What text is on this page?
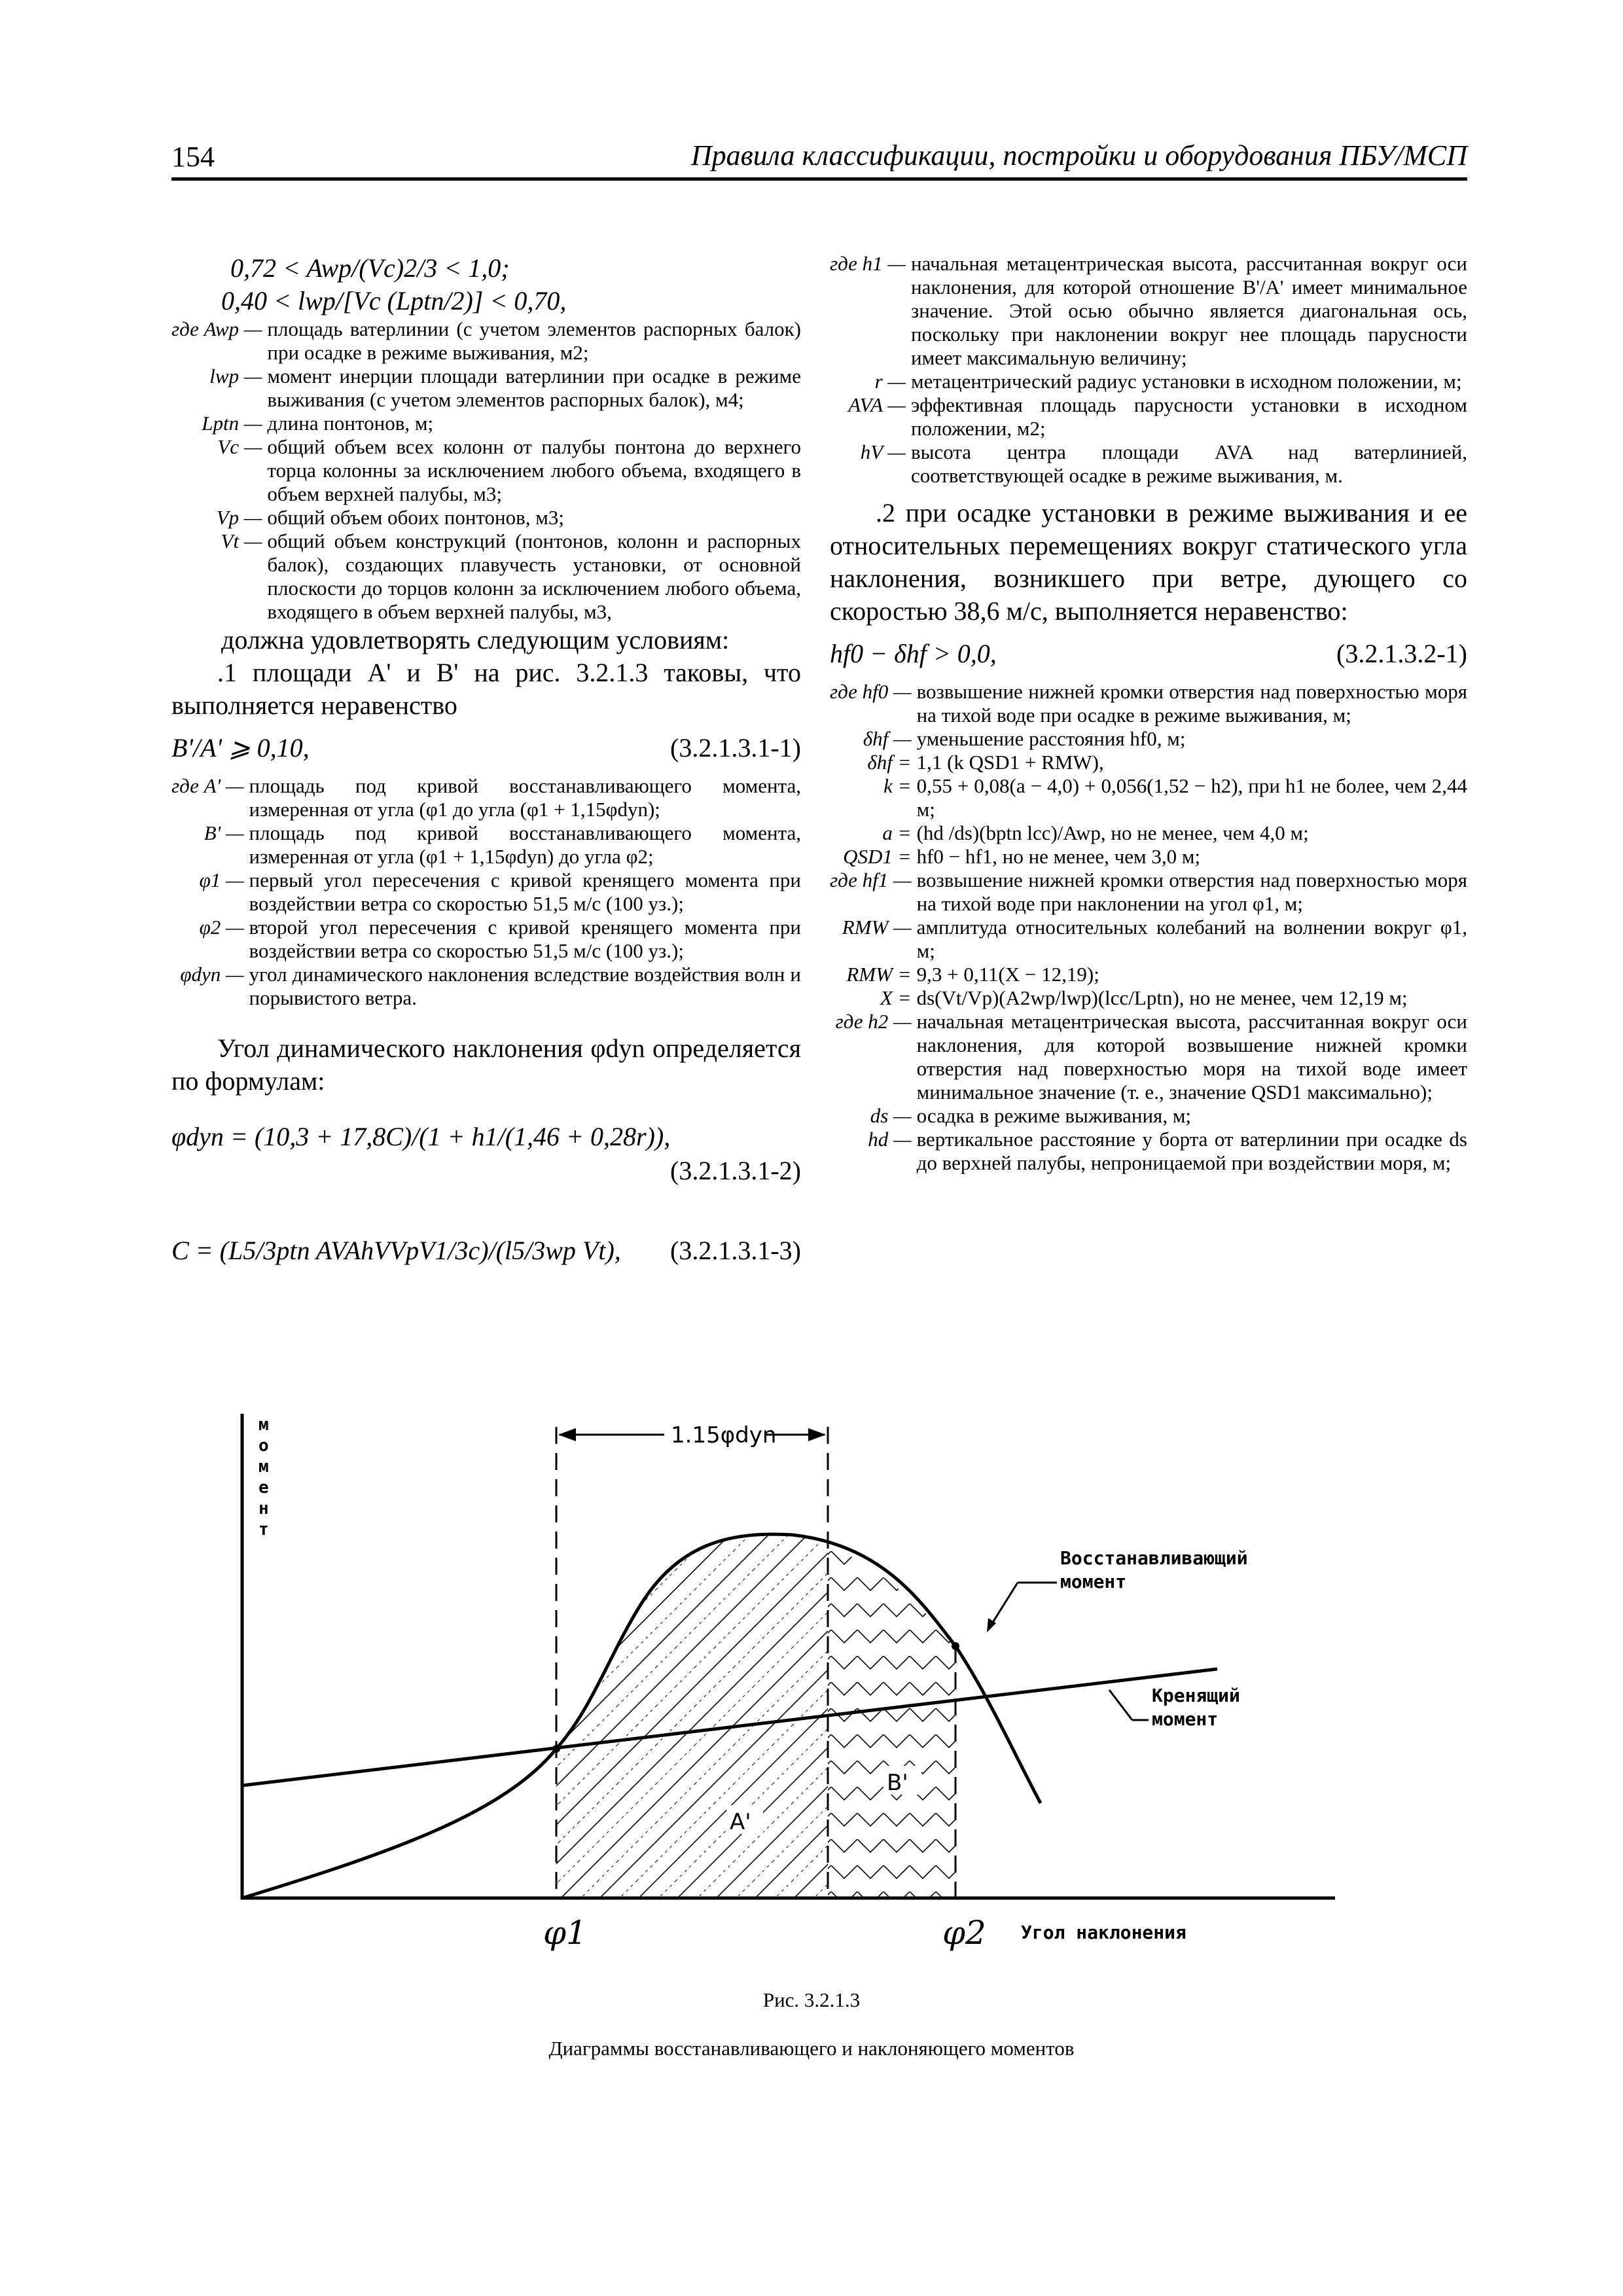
154	Правила классификации, постройки и оборудования ПБУ/МСП
0,72 < Awp/(Vc)2/3 < 1,0;
0,40 < lwp/[Vc (Lptn/2)] < 0,70,
где Awp —	площадь ватерлинии (с учетом элементов распорных балок) при осадке в режиме выживания, м2;
lwp —	момент инерции площади ватерлинии при осадке в режиме выживания (с учетом элементов распорных балок), м4;
Lptn —	длина понтонов, м;
Vc —	общий объем всех колонн от палубы понтона до верхнего торца колонны за исключением любого объема, входящего в объем верхней палубы, м3;
Vp —	общий объем обоих понтонов, м3;
Vt —	общий объем конструкций (понтонов, колонн и распорных балок), создающих плавучесть установки, от основной плоскости до торцов колонн за исключением любого объема, входящего в объем верхней палубы, м3,
должна удовлетворять следующим условиям:
.1 площади A' и B' на рис. 3.2.1.3 таковы, что выполняется неравенство
B'/A' ⩾ 0,10,	(3.2.1.3.1-1)
где A' —	площадь под кривой восстанавливающего момента, измеренная от угла (φ1 до угла (φ1 + 1,15φdyn);
B' —	площадь под кривой восстанавливающего момента, измеренная от угла (φ1 + 1,15φdyn) до угла φ2;
φ1 —	первый угол пересечения с кривой кренящего момента при воздействии ветра со скоростью 51,5 м/с (100 уз.);
φ2 —	второй угол пересечения с кривой кренящего момента при воздействии ветра со скоростью 51,5 м/с (100 уз.);
φdyn —	угол динамического наклонения вследствие воздействия волн и порывистого ветра.
Угол динамического наклонения φdyn определяется по формулам:
φdyn = (10,3 + 17,8C)/(1 + h1/(1,46 + 0,28r)),
(3.2.1.3.1-2)
C = (L5/3ptn AVAhVVpV1/3c)/(l5/3wp Vt), (3.2.1.3.1-3)
где h1 —	начальная метацентрическая высота, рассчитанная вокруг оси наклонения, для которой отношение B'/A' имеет минимальное значение. Этой осью обычно является диагональная ось, поскольку при наклонении вокруг нее площадь парусности имеет максимальную величину;
r —	метацентрический радиус установки в исходном положении, м;
AVA —	эффективная площадь парусности установки в исходном положении, м2;
hV —	высота центра площади AVA над ватерлинией, соответствующей осадке в режиме выживания, м.
.2 при осадке установки в режиме выживания и ее относительных перемещениях вокруг статического угла наклонения, возникшего при ветре, дующего со скоростью 38,6 м/с, выполняется неравенство:
hf0 − δhf > 0,0,	(3.2.1.3.2-1)
где hf0 —	возвышение нижней кромки отверстия над поверхностью моря на тихой воде при осадке в режиме выживания, м;
δhf —	уменьшение расстояния hf0, м;
δhf =	1,1 (k QSD1 + RMW),
k =	0,55 + 0,08(a − 4,0) + 0,056(1,52 − h2), при h1 не более, чем 2,44 м;
a =	(hd /ds)(bptn lcc)/Awp, но не менее, чем 4,0 м;
QSD1 =	hf0 − hf1, но не менее, чем 3,0 м;
где hf1 —	возвышение нижней кромки отверстия над поверхностью моря на тихой воде при наклонении на угол φ1, м;
RMW —	амплитуда относительных колебаний на волнении вокруг φ1, м;
RMW =	9,3 + 0,11(X − 12,19);
X =	ds(Vt/Vp)(A2wp/lwp)(lcc/Lptn), но не менее, чем 12,19 м;
где h2 —	начальная метацентрическая высота, рассчитанная вокруг оси наклонения, для которой возвышение нижней кромки отверстия над поверхностью моря на тихой воде имеет минимальное значение (т. е., значение QSD1 максимально);
ds —	осадка в режиме выживания, м;
hd —	вертикальное расстояние у борта от ватерлинии при осадке ds до верхней палубы, непроницаемой при воздействии моря, м;
м о м е н т
1.15φdyn
Восстанавливающий
момент
Кренящий
момент
A'
B'
φ1	φ2 Угол наклонения
Рис. 3.2.1.3
Диаграммы восстанавливающего и наклоняющего моментов
